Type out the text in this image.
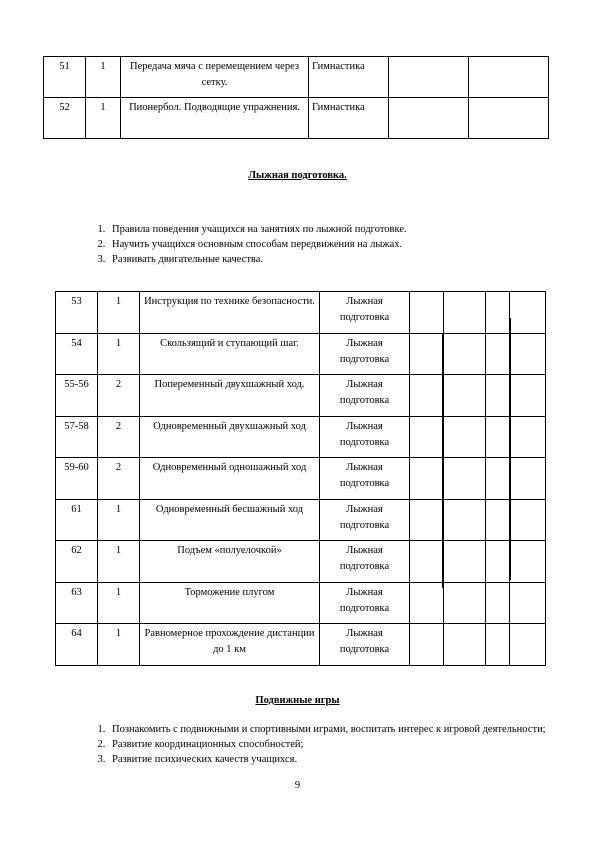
51	1	Передача мяча с перемещением через сетку.	Гимнастика		
52	1	Пионербол. Подводящие упражнения.	Гимнастика		
Лыжная подготовка.
1. Правила поведения учащихся на занятиях по лыжной подготовке.
2. Научить учащихся основным способам передвижения на лыжах.
3. Развивать двигательные качества.
53	1	Инструкция по технике безопасности.	Лыжная подготовка				
54	1	Скользящий и ступающий шаг.	Лыжная подготовка				
55-56	2	Попеременный двухшажный ход.	Лыжная подготовка				
57-58	2	Одновременный двухшажный ход	Лыжная подготовка				
59-60	2	Одновременный одношажный ход	Лыжная подготовка				
61	1	Одновременный бесшажный ход	Лыжная подготовка				
62	1	Подъем «полуелочкой»	Лыжная подготовка				
63	1	Торможение плугом	Лыжная подготовка				
64	1	Равномерное прохождение дистанции до 1 км	Лыжная подготовка				
Подвижные игры
1. Познакомить с подвижными и спортивными играми, воспитать интерес к игровой деятельности;
2. Развитие координационных способностей;
3. Развитие психических качеств учащихся.
9
